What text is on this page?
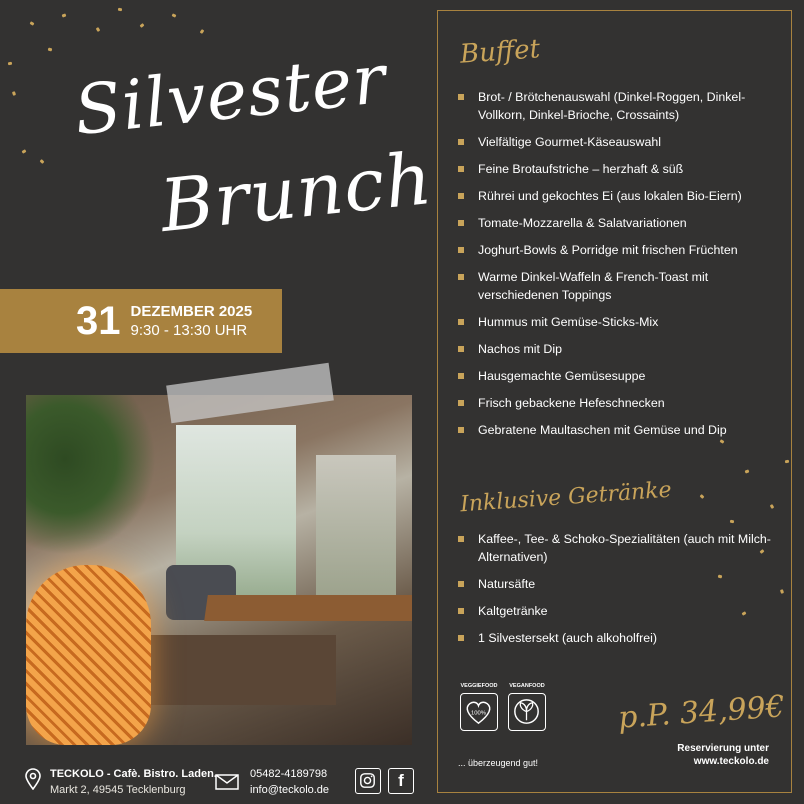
Silvester
Brunch
31 DEZEMBER 2025
9:30 - 13:30 UHR
Buffet
Brot- / Brötchenauswahl (Dinkel-Roggen, Dinkel-Vollkorn, Dinkel-Brioche, Crossaints)
Vielfältige Gourmet-Käseauswahl
Feine Brotaufstriche – herzhaft & süß
Rührei und gekochtes Ei (aus lokalen Bio-Eiern)
Tomate-Mozzarella & Salatvariationen
Joghurt-Bowls & Porridge mit frischen Früchten
Warme Dinkel-Waffeln & French-Toast mit verschiedenen Toppings
Hummus mit Gemüse-Sticks-Mix
Nachos mit Dip
Hausgemachte Gemüsesuppe
Frisch gebackene Hefeschnecken
Gebratene Maultaschen mit Gemüse und Dip
Inklusive Getränke
Kaffee-, Tee- & Schoko-Spezialitäten (auch mit Milch-Alternativen)
Natursäfte
Kaltgetränke
1 Silvestersekt (auch alkoholfrei)
VEGGIEFOOD
100%
VEGANFOOD
... überzeugend gut!
p.P. 34,99€
Reservierung unter
www.teckolo.de
TECKOLO - Cafè. Bistro. Laden.
Markt 2, 49545 Tecklenburg
05482-4189798
info@teckolo.de	f
